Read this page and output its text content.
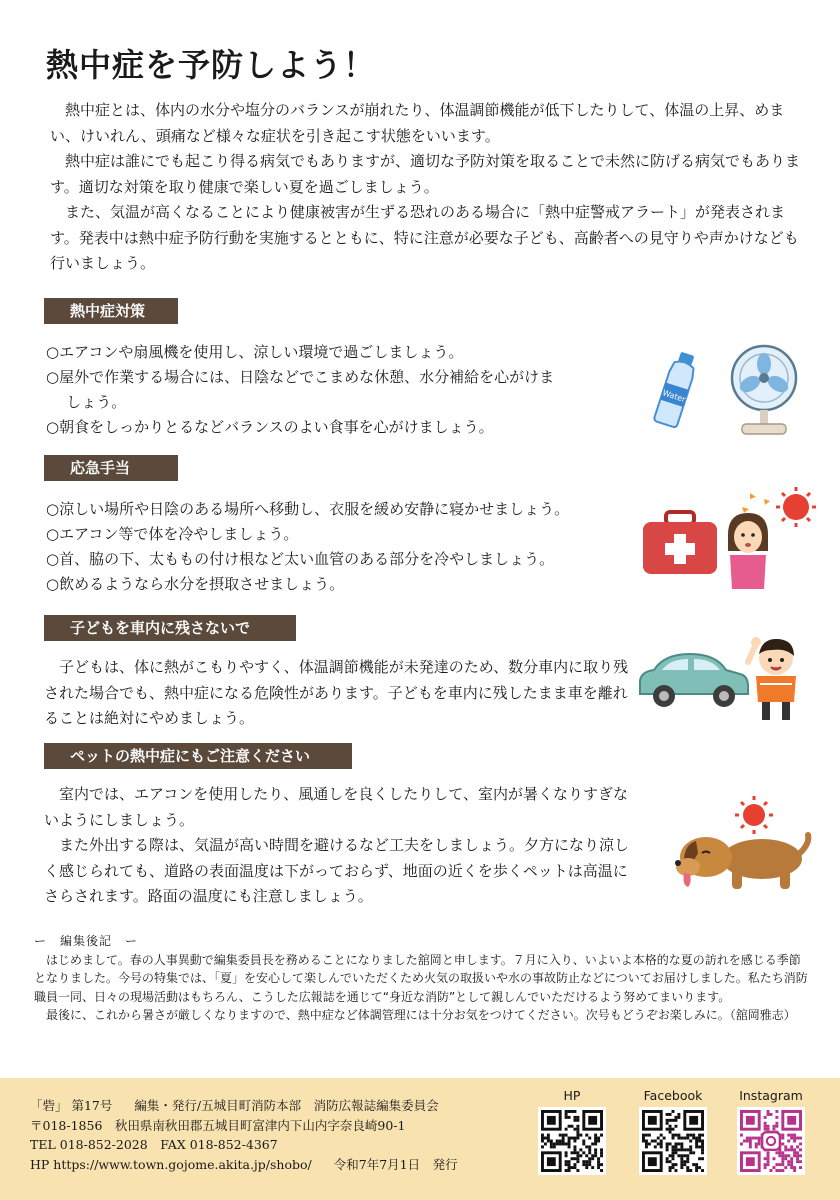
熱中症を予防しよう！

熱中症とは、体内の水分や塩分のバランスが崩れたり、体温調節機能が低下したりして、体温の上昇、めまい、けいれん、頭痛など様々な症状を引き起こす状態をいいます。

熱中症は誰にでも起こり得る病気でもありますが、適切な予防対策を取ることで未然に防げる病気でもあります。適切な対策を取り健康で楽しい夏を過ごしましょう。

また、気温が高くなることにより健康被害が生ずる恐れのある場合に「熱中症警戒アラート」が発表されます。発表中は熱中症予防行動を実施するとともに、特に注意が必要な子ども、高齢者への見守りや声かけなども行いましょう。

熱中症対策
○エアコンや扇風機を使用し、涼しい環境で過ごしましょう。
○屋外で作業する場合には、日陰などでこまめな休憩、水分補給を心がけま
しょう。
○朝食をしっかりとるなどバランスのよい食事を心がけましょう。
Water
応急手当
○涼しい場所や日陰のある場所へ移動し、衣服を緩め安静に寝かせましょう。
○エアコン等で体を冷やしましょう。
○首、脇の下、太ももの付け根など太い血管のある部分を冷やしましょう。
○飲めるようなら水分を摂取させましょう。
子どもを車内に残さないで

子どもは、体に熱がこもりやすく、体温調節機能が未発達のため、数分車内に取り残された場合でも、熱中症になる危険性があります。子どもを車内に残したまま車を離れることは絶対にやめましょう。

ペットの熱中症にもご注意ください

室内では、エアコンを使用したり、風通しを良くしたりして、室内が暑くなりすぎないようにしましょう。

また外出する際は、気温が高い時間を避けるなど工夫をしましょう。夕方になり涼しく感じられても、道路の表面温度は下がっておらず、地面の近くを歩くペットは高温にさらされます。路面の温度にも注意しましょう。

ー　編集後記　ー

はじめまして。春の人事異動で編集委員長を務めることになりました舘岡と申します。７月に入り、いよいよ本格的な夏の訪れを感じる季節となりました。今号の特集では、「夏」を安心して楽しんでいただくため火気の取扱いや水の事故防止などについてお届けしました。私たち消防職員一同、日々の現場活動はもちろん、こうした広報誌を通じて“身近な消防”として親しんでいただけるよう努めてまいります。

最後に、これから暑さが厳しくなりますので、熱中症など体調管理には十分お気をつけてください。次号もどうぞお楽しみに。（舘岡雅志）

「砦」 第17号 編集・発行/五城目町消防本部　消防広報誌編集委員会
〒018-1856　秋田県南秋田郡五城目町富津内下山内字奈良崎90-1
TEL 018-852-2028　FAX 018-852-4367
HP https://www.town.gojome.akita.jp/shobo/ 令和7年7月1日　発行
HP	Facebook	Instagram
